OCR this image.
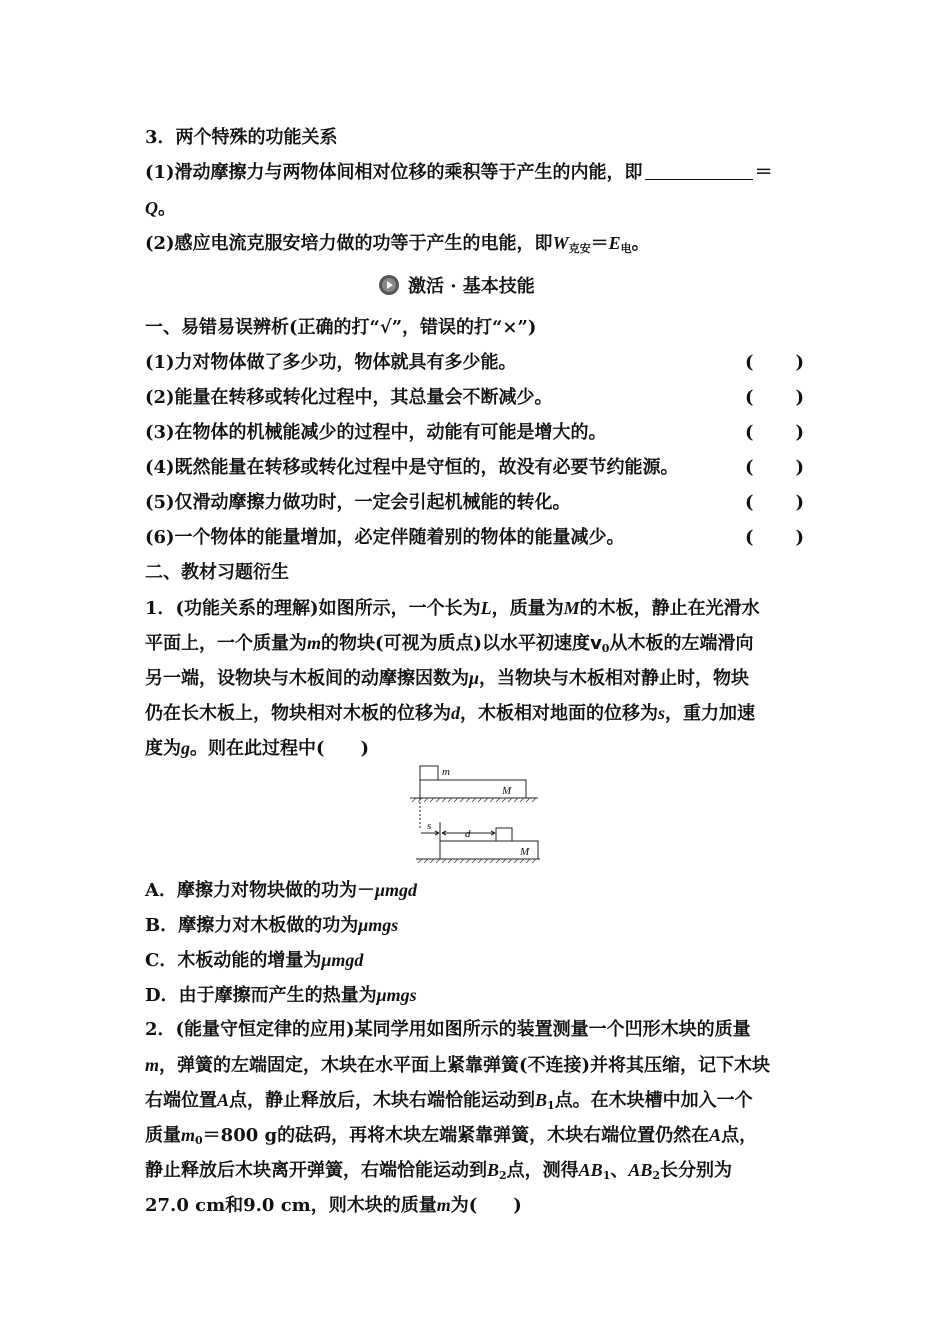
3．两个特殊的功能关系
(1)滑动摩擦力与两物体间相对位移的乘积等于产生的内能，即	＝
Q。
(2)感应电流克服安培力做的功等于产生的电能，即$W_{克安}=E_电$。
激活 · 基本技能
一、易错易误辨析(正确的打“√”，错误的打“×”)
(1)力对物体做了多少功，物体就具有多少能。	(　　)
(2)能量在转移或转化过程中，其总量会不断减少。	(　　)
(3)在物体的机械能减少的过程中，动能有可能是增大的。	(　　)
(4)既然能量在转移或转化过程中是守恒的，故没有必要节约能源。	(　　)
(5)仅滑动摩擦力做功时，一定会引起机械能的转化。	(　　)
(6)一个物体的能量增加，必定伴随着别的物体的能量减少。	(　　)
二、教材习题衍生
1．(功能关系的理解)如图所示，一个长为L，质量为M的木板，静止在光滑水
平面上，一个质量为m的物块(可视为质点)以水平初速度$v_0$从木板的左端滑向
另一端，设物块与木板间的动摩擦因数为μ，当物块与木板相对静止时，物块
仍在长木板上，物块相对木板的位移为d，木板相对地面的位移为s，重力加速
度为g。则在此过程中(　　)
m
M
s
d
M
A．摩擦力对物块做的功为－μmgd
B．摩擦力对木板做的功为μmgs
C．木板动能的增量为μmgd
D．由于摩擦而产生的热量为μmgs
2．(能量守恒定律的应用)某同学用如图所示的装置测量一个凹形木块的质量
m，弹簧的左端固定，木块在水平面上紧靠弹簧(不连接)并将其压缩，记下木块
右端位置A点，静止释放后，木块右端恰能运动到$B_1$点。在木块槽中加入一个
质量$m_0=800$ g的砝码，再将木块左端紧靠弹簧，木块右端位置仍然在A点，
静止释放后木块离开弹簧，右端恰能运动到$B_2$点，测得$AB_1$、$AB_2$长分别为
27.0 cm和9.0 cm，则木块的质量m为(　　)
